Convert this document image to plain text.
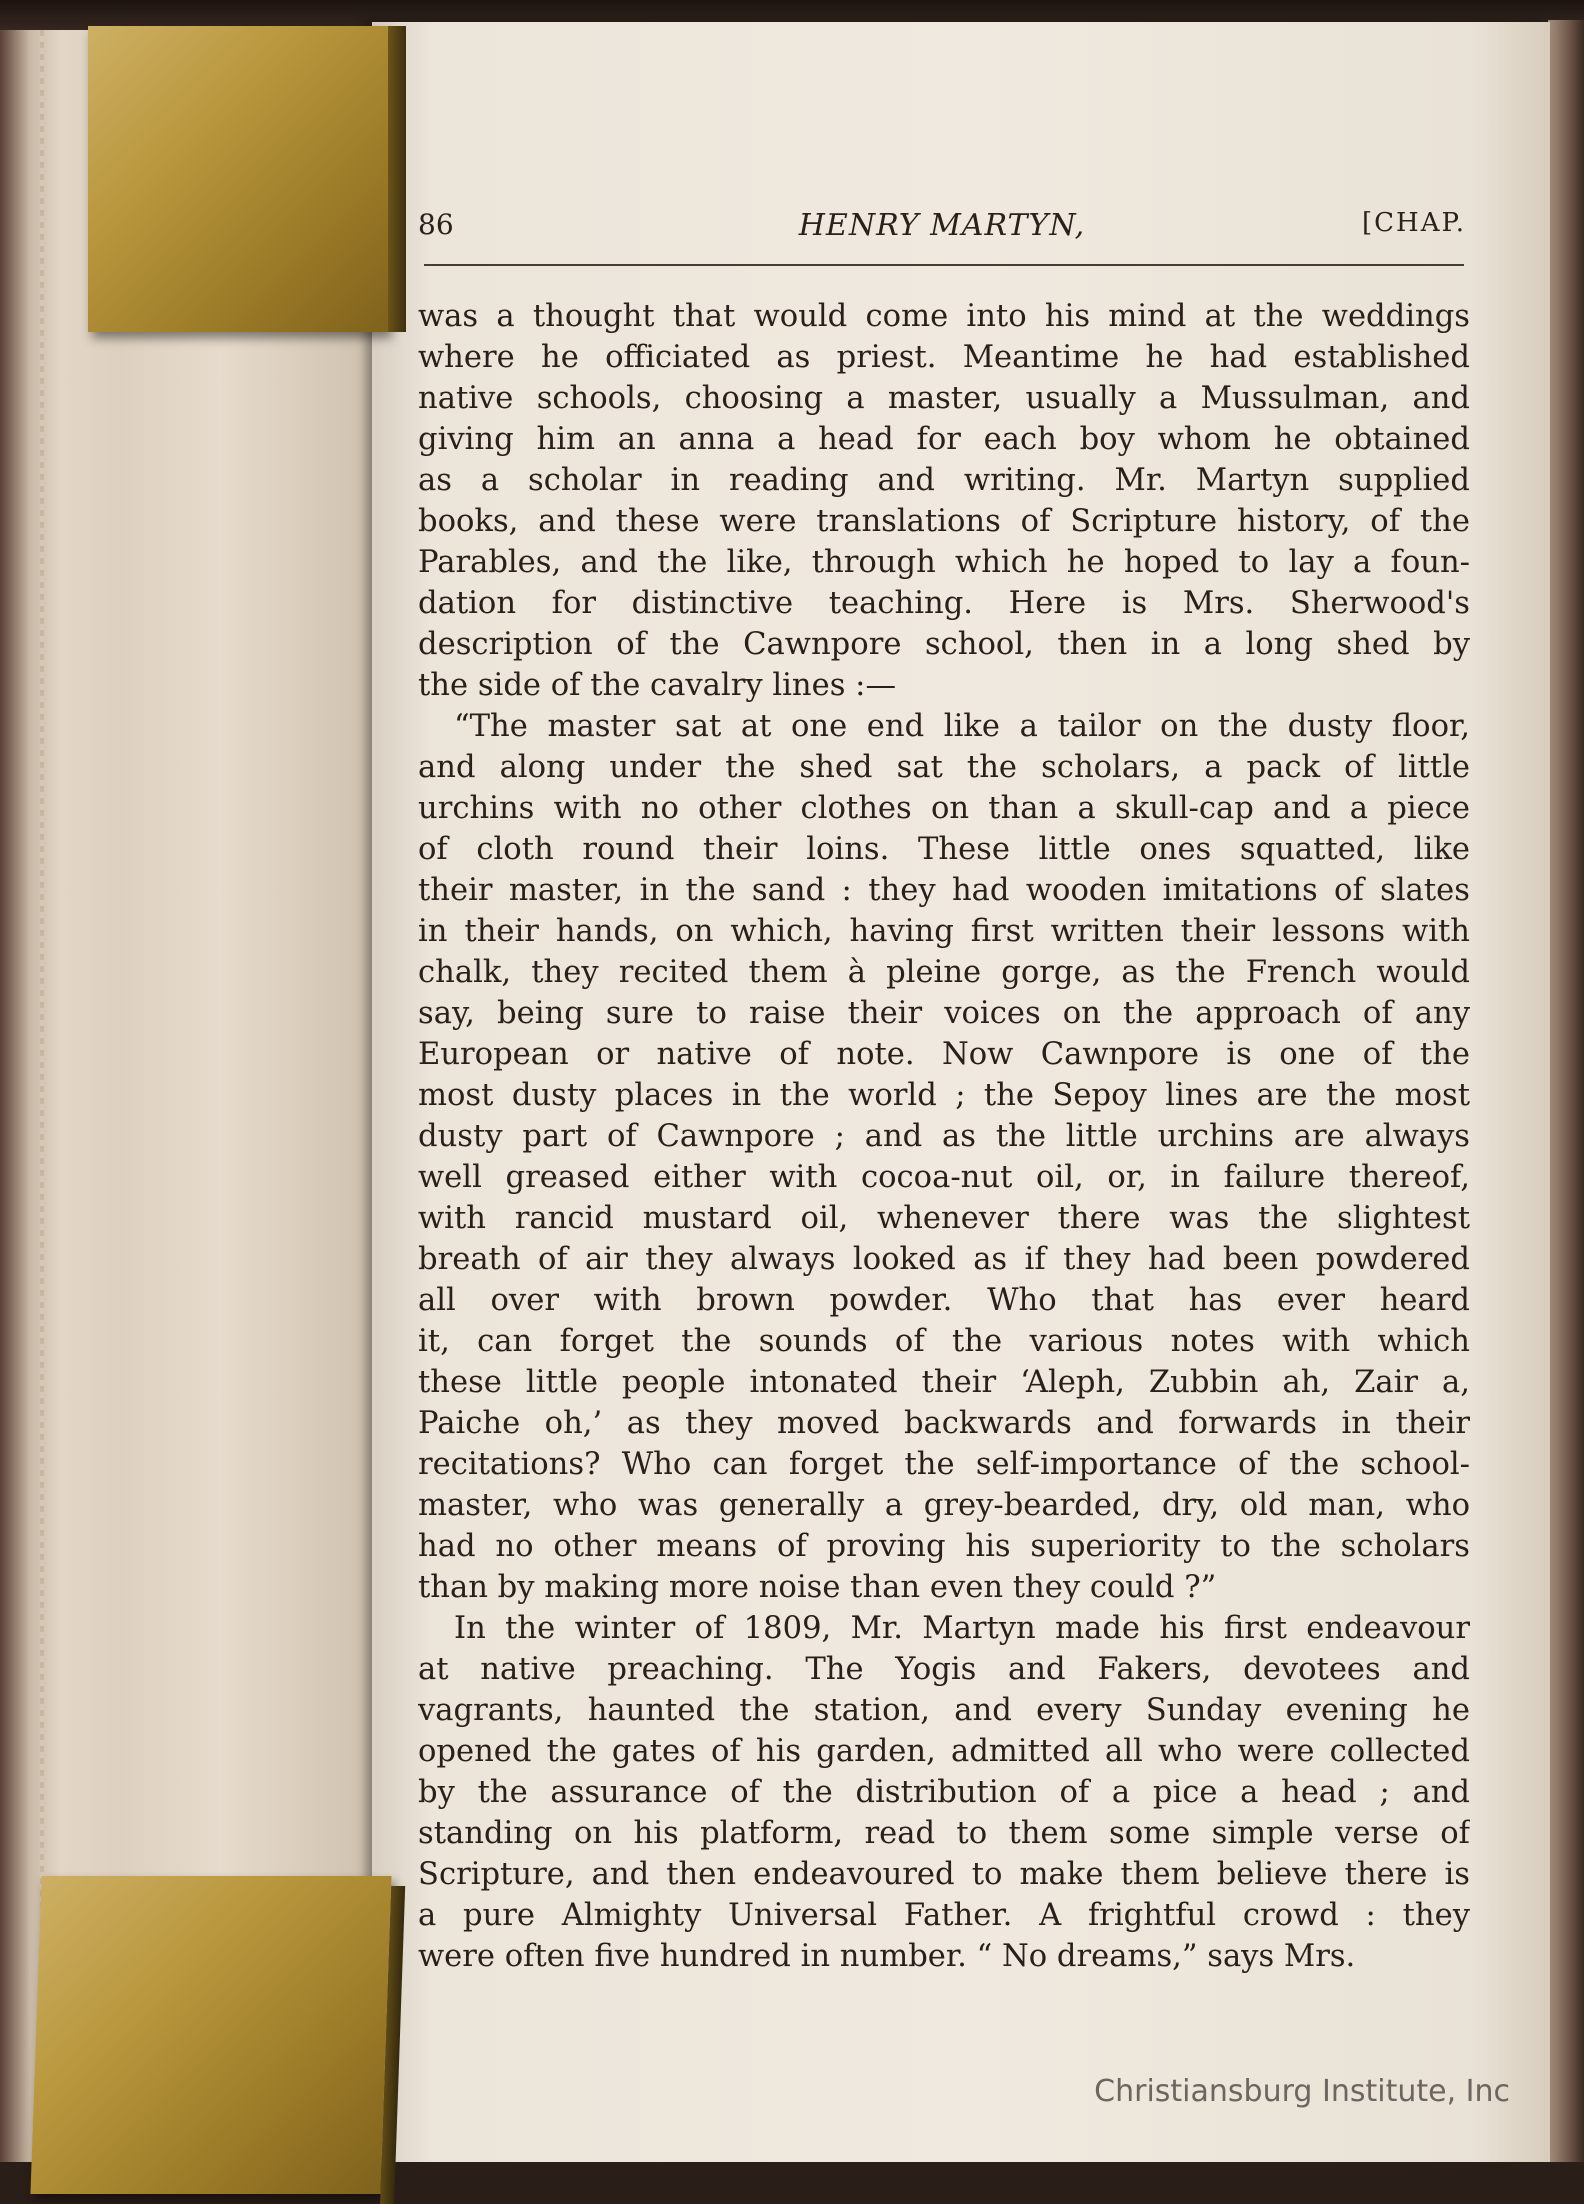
86	HENRY MARTYN,	[CHAP.
was a thought that would come into his mind at the weddings
where he officiated as priest. Meantime he had established
native schools, choosing a master, usually a Mussulman, and
giving him an anna a head for each boy whom he obtained
as a scholar in reading and writing. Mr. Martyn supplied
books, and these were translations of Scripture history, of the
Parables, and the like, through which he hoped to lay a foun-
dation for distinctive teaching. Here is Mrs. Sherwood's
description of the Cawnpore school, then in a long shed by
the side of the cavalry lines :—
“The master sat at one end like a tailor on the dusty floor,
and along under the shed sat the scholars, a pack of little
urchins with no other clothes on than a skull-cap and a piece
of cloth round their loins. These little ones squatted, like
their master, in the sand : they had wooden imitations of slates
in their hands, on which, having first written their lessons with
chalk, they recited them à pleine gorge, as the French would
say, being sure to raise their voices on the approach of any
European or native of note. Now Cawnpore is one of the
most dusty places in the world ; the Sepoy lines are the most
dusty part of Cawnpore ; and as the little urchins are always
well greased either with cocoa-nut oil, or, in failure thereof,
with rancid mustard oil, whenever there was the slightest
breath of air they always looked as if they had been powdered
all over with brown powder. Who that has ever heard
it, can forget the sounds of the various notes with which
these little people intonated their ‘Aleph, Zubbin ah, Zair a,
Paiche oh,’ as they moved backwards and forwards in their
recitations? Who can forget the self-importance of the school-
master, who was generally a grey-bearded, dry, old man, who
had no other means of proving his superiority to the scholars
than by making more noise than even they could ?”
In the winter of 1809, Mr. Martyn made his first endeavour
at native preaching. The Yogis and Fakers, devotees and
vagrants, haunted the station, and every Sunday evening he
opened the gates of his garden, admitted all who were collected
by the assurance of the distribution of a pice a head ; and
standing on his platform, read to them some simple verse of
Scripture, and then endeavoured to make them believe there is
a pure Almighty Universal Father. A frightful crowd : they
were often five hundred in number. “ No dreams,” says Mrs.
Christiansburg Institute, Inc
